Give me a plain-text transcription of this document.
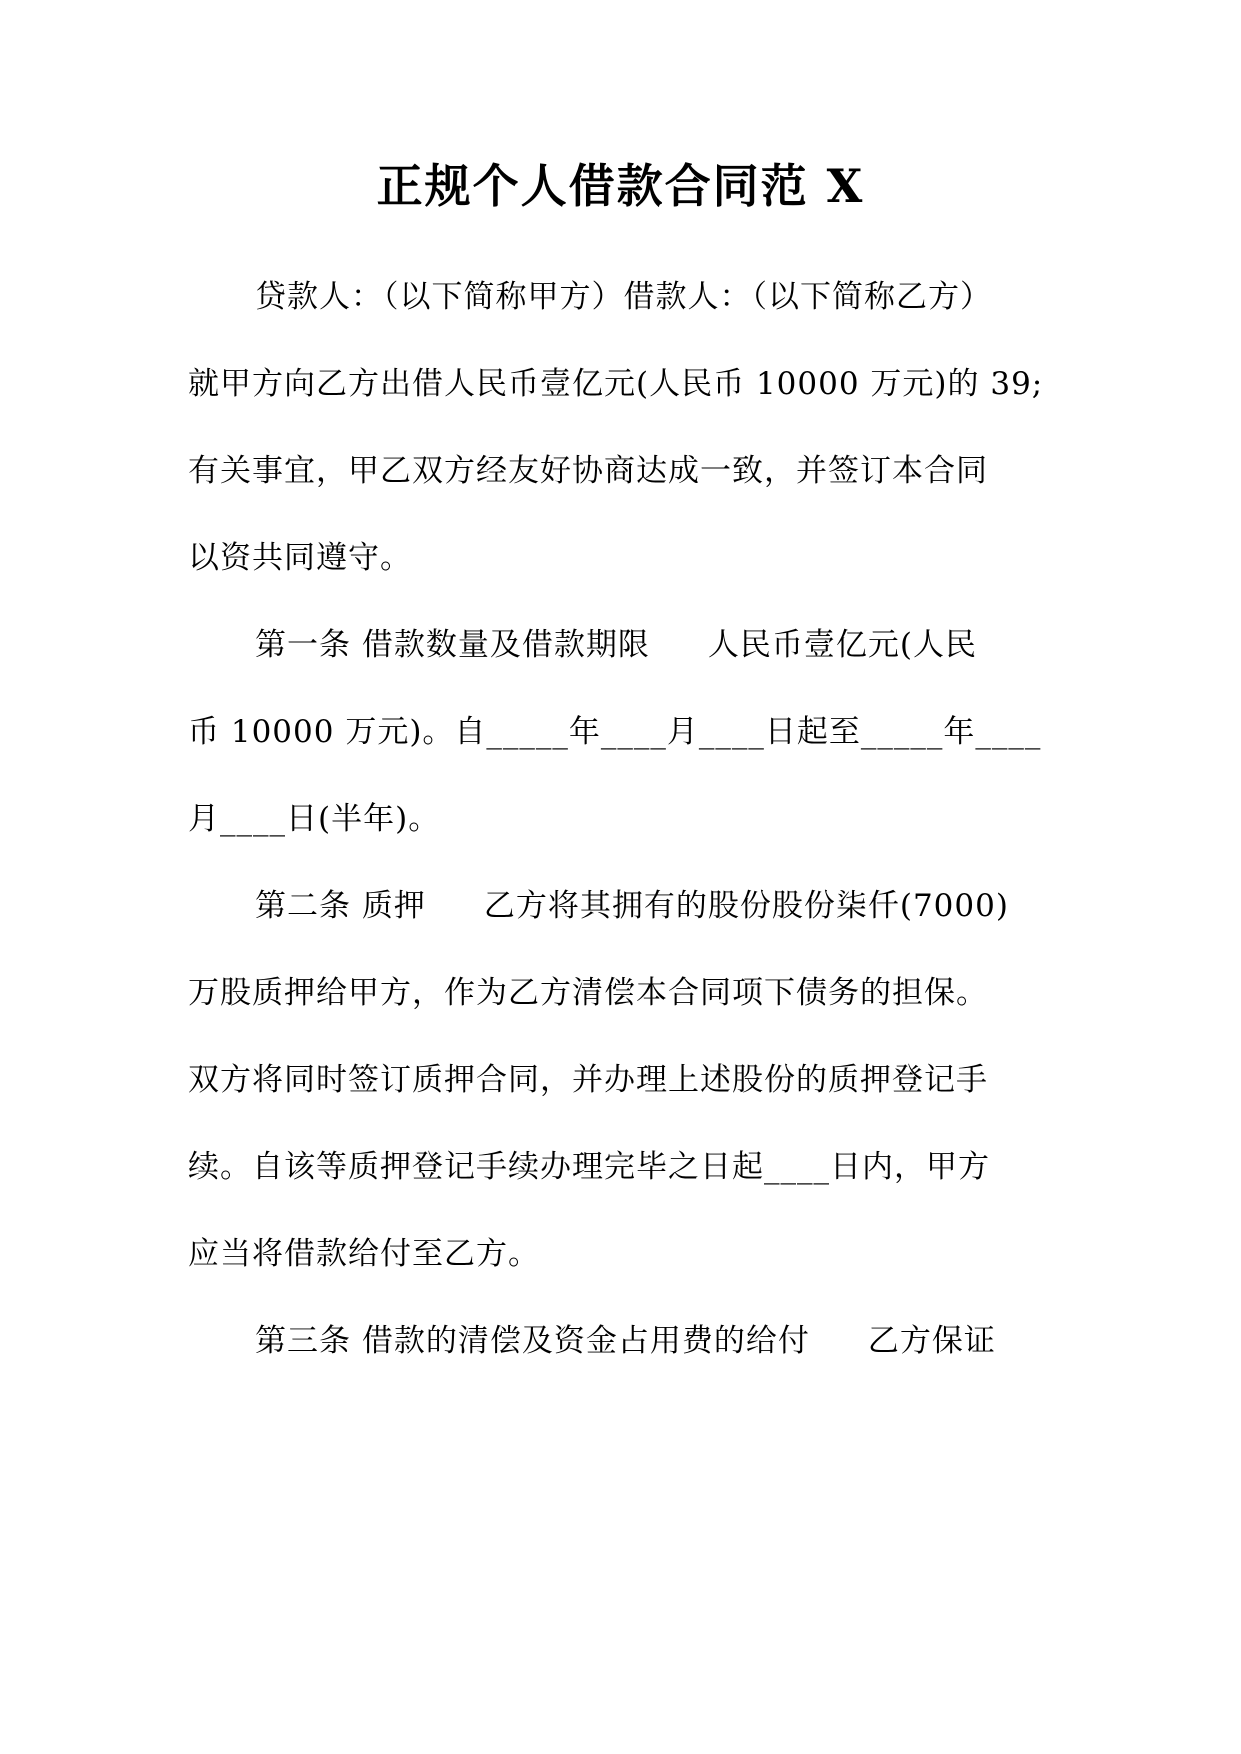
正规个人借款合同范 X
贷款人：（以下简称甲方）借款人：（以下简称乙方）
就甲方向乙方出借人民币壹亿元(人民币 10000 万元)的 39;
有关事宜，甲乙双方经友好协商达成一致，并签订本合同
以资共同遵守。
第一条 借款数量及借款期限 人民币壹亿元(人民
币 10000 万元)。自_____年____月____日起至_____年____
月____日(半年)。
第二条 质押 乙方将其拥有的股份股份柒仟(7000)
万股质押给甲方，作为乙方清偿本合同项下债务的担保。
双方将同时签订质押合同，并办理上述股份的质押登记手
续。自该等质押登记手续办理完毕之日起____日内，甲方
应当将借款给付至乙方。
第三条 借款的清偿及资金占用费的给付 乙方保证
